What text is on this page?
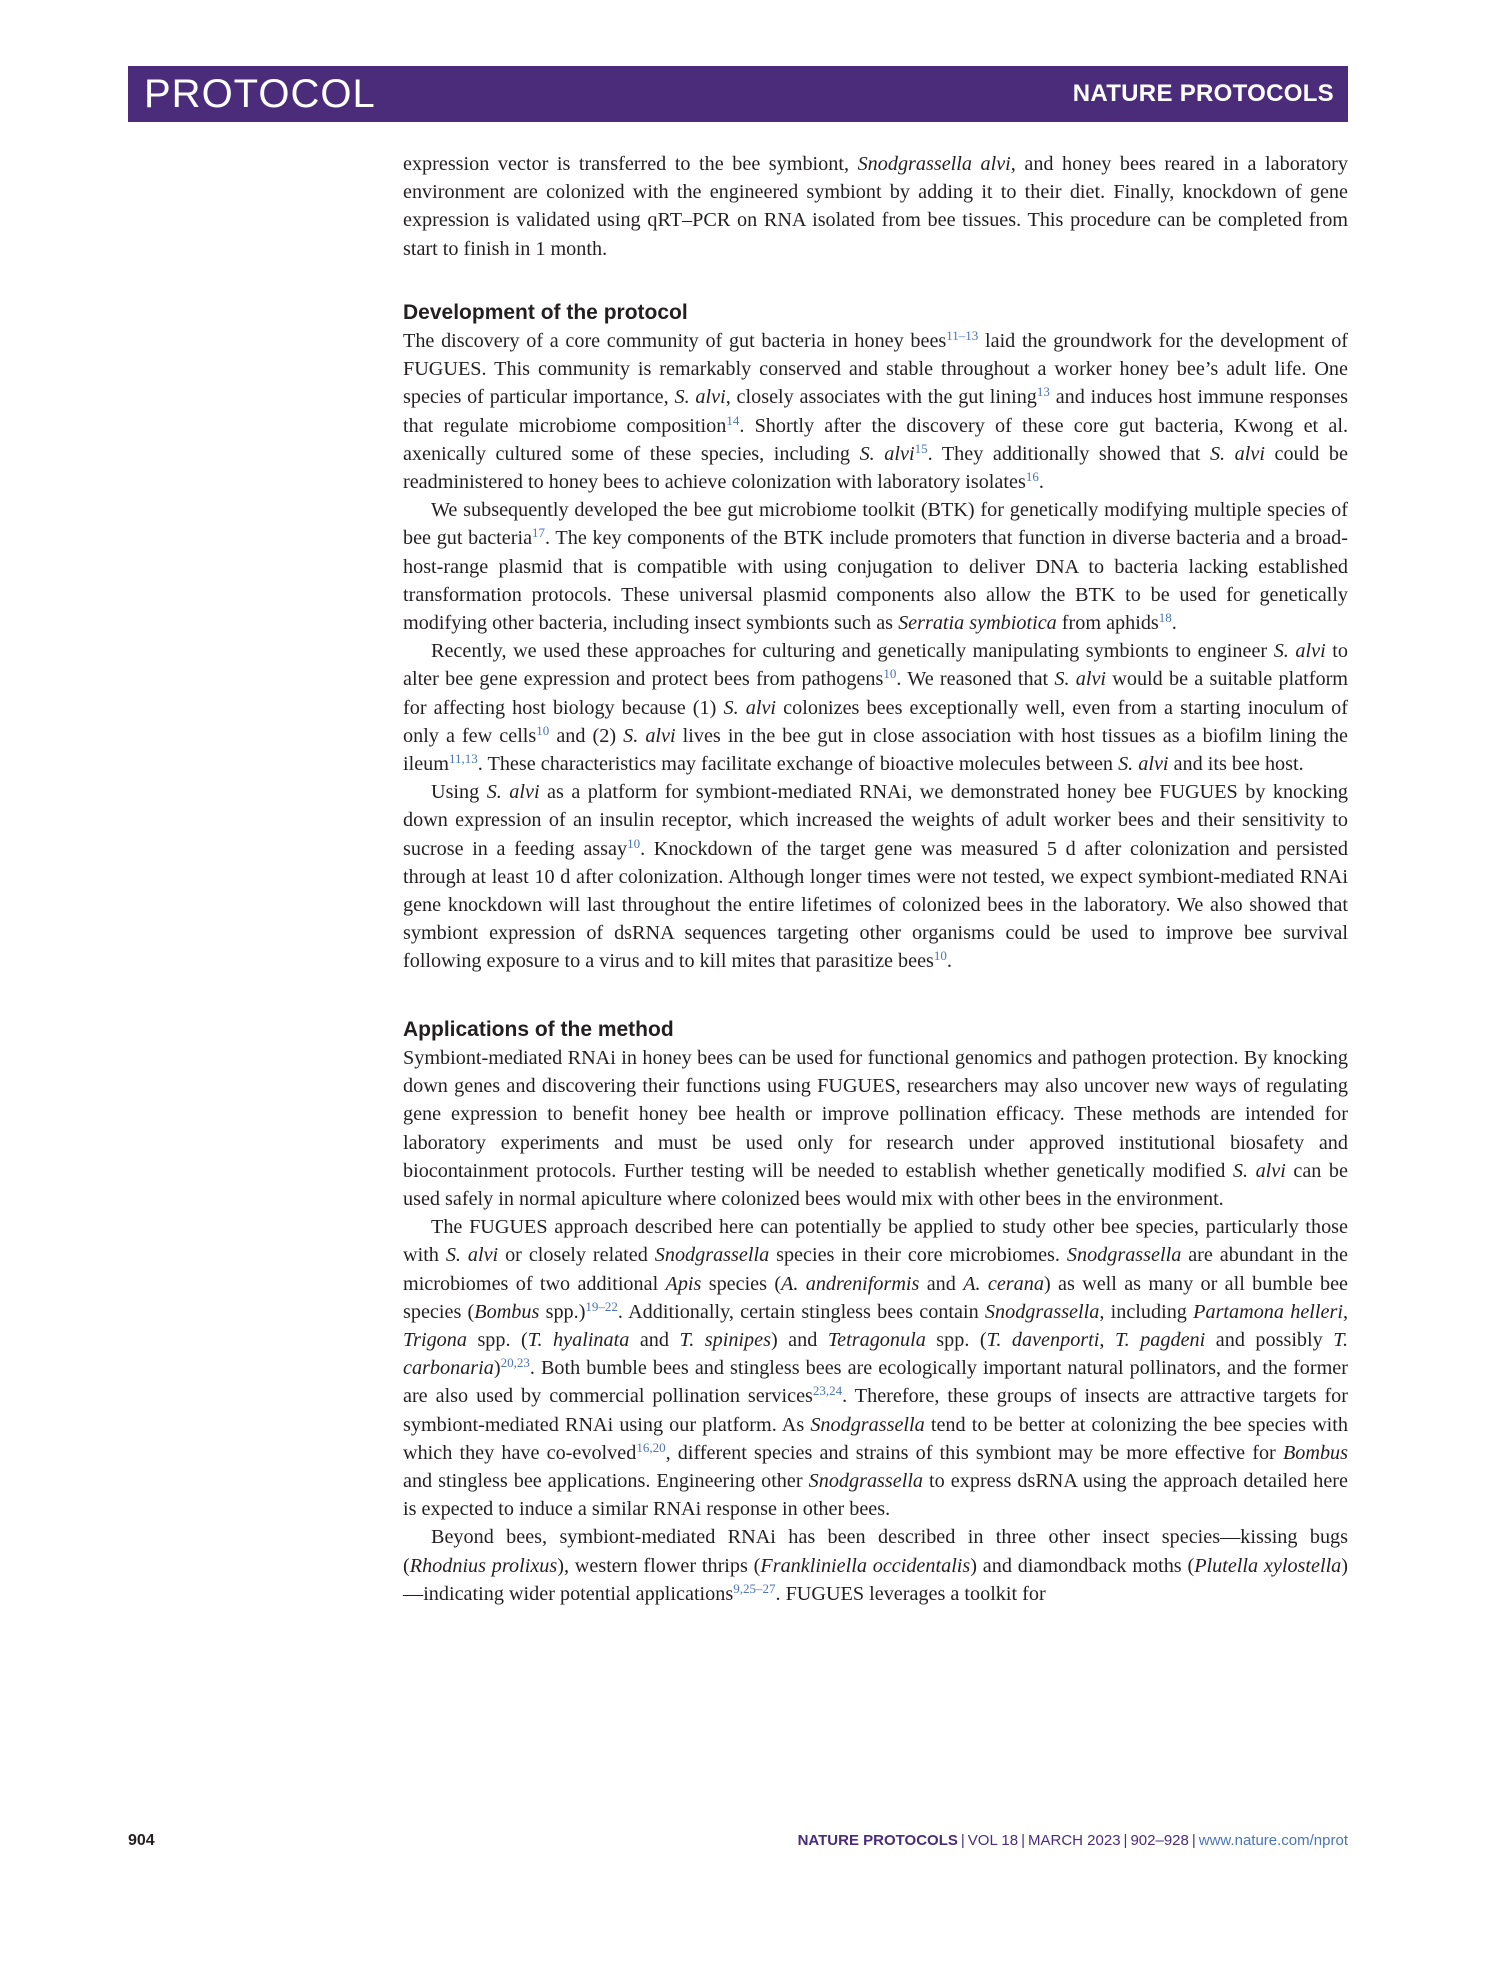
PROTOCOL	NATURE PROTOCOLS

expression vector is transferred to the bee symbiont, Snodgrassella alvi, and honey bees reared in a laboratory environment are colonized with the engineered symbiont by adding it to their diet. Finally, knockdown of gene expression is validated using qRT–PCR on RNA isolated from bee tissues. This procedure can be completed from start to finish in 1 month.

Development of the protocol

The discovery of a core community of gut bacteria in honey bees$^{11-13}$ laid the groundwork for the development of FUGUES. This community is remarkably conserved and stable throughout a worker honey bee’s adult life. One species of particular importance, S. alvi, closely associates with the gut lining$^{13}$ and induces host immune responses that regulate microbiome composition$^{14}$. Shortly after the discovery of these core gut bacteria, Kwong et al. axenically cultured some of these species, including S. alvi$^{15}$. They additionally showed that S. alvi could be readministered to honey bees to achieve colonization with laboratory isolates$^{16}$.

We subsequently developed the bee gut microbiome toolkit (BTK) for genetically modifying multiple species of bee gut bacteria$^{17}$. The key components of the BTK include promoters that function in diverse bacteria and a broad-host-range plasmid that is compatible with using conjugation to deliver DNA to bacteria lacking established transformation protocols. These universal plasmid components also allow the BTK to be used for genetically modifying other bacteria, including insect symbionts such as Serratia symbiotica from aphids$^{18}$.

Recently, we used these approaches for culturing and genetically manipulating symbionts to engineer S. alvi to alter bee gene expression and protect bees from pathogens$^{10}$. We reasoned that S. alvi would be a suitable platform for affecting host biology because (1) S. alvi colonizes bees exceptionally well, even from a starting inoculum of only a few cells$^{10}$ and (2) S. alvi lives in the bee gut in close association with host tissues as a biofilm lining the ileum$^{11,13}$. These characteristics may facilitate exchange of bioactive molecules between S. alvi and its bee host.

Using S. alvi as a platform for symbiont-mediated RNAi, we demonstrated honey bee FUGUES by knocking down expression of an insulin receptor, which increased the weights of adult worker bees and their sensitivity to sucrose in a feeding assay$^{10}$. Knockdown of the target gene was measured 5 d after colonization and persisted through at least 10 d after colonization. Although longer times were not tested, we expect symbiont-mediated RNAi gene knockdown will last throughout the entire lifetimes of colonized bees in the laboratory. We also showed that symbiont expression of dsRNA sequences targeting other organisms could be used to improve bee survival following exposure to a virus and to kill mites that parasitize bees$^{10}$.

Applications of the method

Symbiont-mediated RNAi in honey bees can be used for functional genomics and pathogen protection. By knocking down genes and discovering their functions using FUGUES, researchers may also uncover new ways of regulating gene expression to benefit honey bee health or improve pollination efficacy. These methods are intended for laboratory experiments and must be used only for research under approved institutional biosafety and biocontainment protocols. Further testing will be needed to establish whether genetically modified S. alvi can be used safely in normal apiculture where colonized bees would mix with other bees in the environment.

The FUGUES approach described here can potentially be applied to study other bee species, particularly those with S. alvi or closely related Snodgrassella species in their core microbiomes. Snodgrassella are abundant in the microbiomes of two additional Apis species (A. andreniformis and A. cerana) as well as many or all bumble bee species (Bombus spp.)$^{19-22}$. Additionally, certain stingless bees contain Snodgrassella, including Partamona helleri, Trigona spp. (T. hyalinata and T. spinipes) and Tetragonula spp. (T. davenporti, T. pagdeni and possibly T. carbonaria)$^{20,23}$. Both bumble bees and stingless bees are ecologically important natural pollinators, and the former are also used by commercial pollination services$^{23,24}$. Therefore, these groups of insects are attractive targets for symbiont-mediated RNAi using our platform. As Snodgrassella tend to be better at colonizing the bee species with which they have co-evolved$^{16,20}$, different species and strains of this symbiont may be more effective for Bombus and stingless bee applications. Engineering other Snodgrassella to express dsRNA using the approach detailed here is expected to induce a similar RNAi response in other bees.

Beyond bees, symbiont-mediated RNAi has been described in three other insect species—kissing bugs (Rhodnius prolixus), western flower thrips (Frankliniella occidentalis) and diamondback moths (Plutella xylostella)—indicating wider potential applications$^{9,25-27}$. FUGUES leverages a toolkit for

904	NATURE PROTOCOLS | VOL 18 | MARCH 2023 | 902–928 | www.nature.com/nprot
